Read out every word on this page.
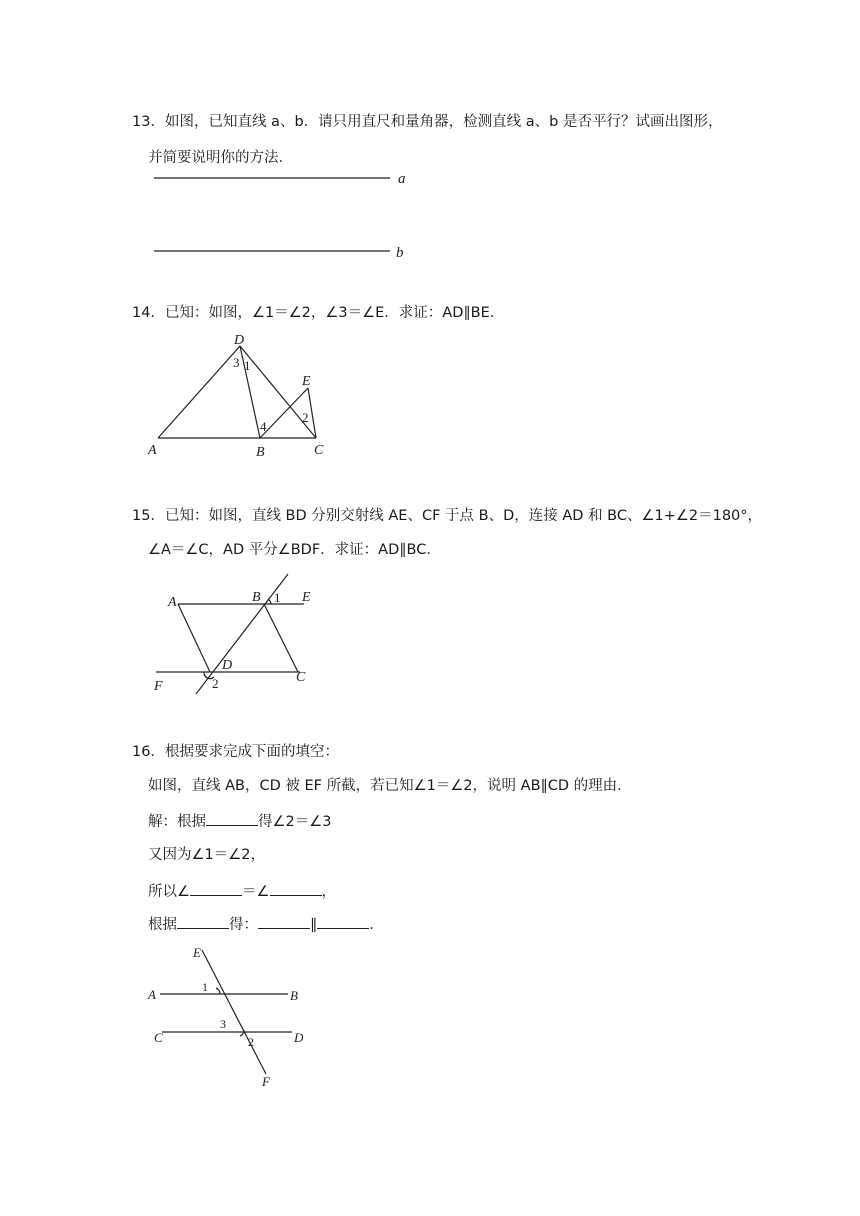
13．如图，已知直线 a、b．请只用直尺和量角器，检测直线 a、b 是否平行？试画出图形，
并简要说明你的方法．
a
b
14．已知：如图，∠1＝∠2，∠3＝∠E．求证：AD∥BE．
D
E
A	B	C
3 1
2
4
15．已知：如图，直线 BD 分别交射线 AE、CF 于点 B、D，连接 AD 和 BC、∠1+∠2＝180°，
∠A＝∠C，AD 平分∠BDF．求证：AD∥BC．
A	B 1 E
D
F	2	C
16．根据要求完成下面的填空：
如图，直线 AB，CD 被 EF 所截，若已知∠1＝∠2，说明 AB∥CD 的理由．
解：根据	得∠2＝∠3
又因为∠1＝∠2，
所以∠	＝∠	，
根据	得：	∥	．
E
A	B
C	D
F
1
3
2
